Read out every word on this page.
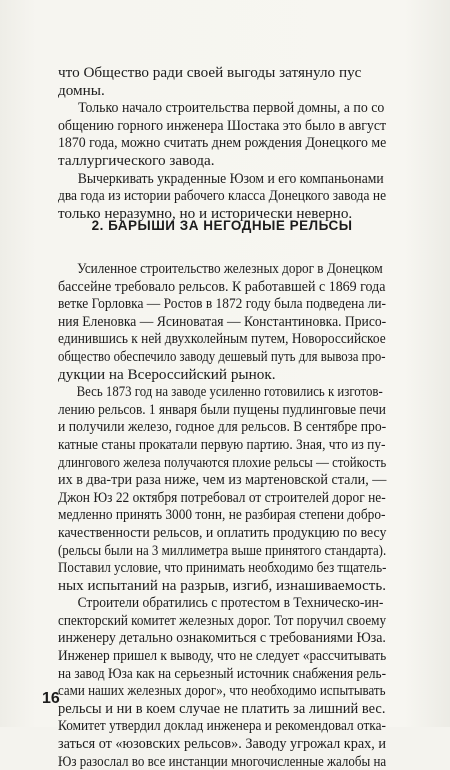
что Общество ради своей выгоды затянуло пус
домны.
Только начало строительства первой домны, а по со
общению горного инженера Шостака это было в август
1870 года, можно считать днем рождения Донецкого ме
таллургического завода.
Вычеркивать украденные Юзом и его компаньонами
два года из истории рабочего класса Донецкого завода не
только неразумно, но и исторически неверно.
2. БАРЫШИ ЗА НЕГОДНЫЕ РЕЛЬСЫ
Усиленное строительство железных дорог в Донецком
бассейне требовало рельсов. К работавшей с 1869 года
ветке Горловка — Ростов в 1872 году была подведена ли-
ния Еленовка — Ясиноватая — Константиновка. Присо-
единившись к ней двухколейным путем, Новороссийское
общество обеспечило заводу дешевый путь для вывоза про-
дукции на Всероссийский рынок.
Весь 1873 год на заводе усиленно готовились к изготов-
лению рельсов. 1 января были пущены пудлинговые печи
и получили железо, годное для рельсов. В сентябре про-
катные станы прокатали первую партию. Зная, что из пу-
длингового железа получаются плохие рельсы — стойкость
их в два-три раза ниже, чем из мартеновской стали, —
Джон Юз 22 октября потребовал от строителей дорог не-
медленно принять 3000 тонн, не разбирая степени добро-
качественности рельсов, и оплатить продукцию по весу
(рельсы были на 3 миллиметра выше принятого стандарта).
Поставил условие, что принимать необходимо без тщатель-
ных испытаний на разрыв, изгиб, изнашиваемость.
Строители обратились с протестом в Техническо-ин-
спекторский комитет железных дорог. Тот поручил своему
инженеру детально ознакомиться с требованиями Юза.
Инженер пришел к выводу, что не следует «рассчитывать
на завод Юза как на серьезный источник снабжения рель-
сами наших железных дорог», что необходимо испытывать
рельсы и ни в коем случае не платить за лишний вес.
Комитет утвердил доклад инженера и рекомендовал отка-
заться от «юзовских рельсов». Заводу угрожал крах, и
Юз разослал во все инстанции многочисленные жалобы на
16
